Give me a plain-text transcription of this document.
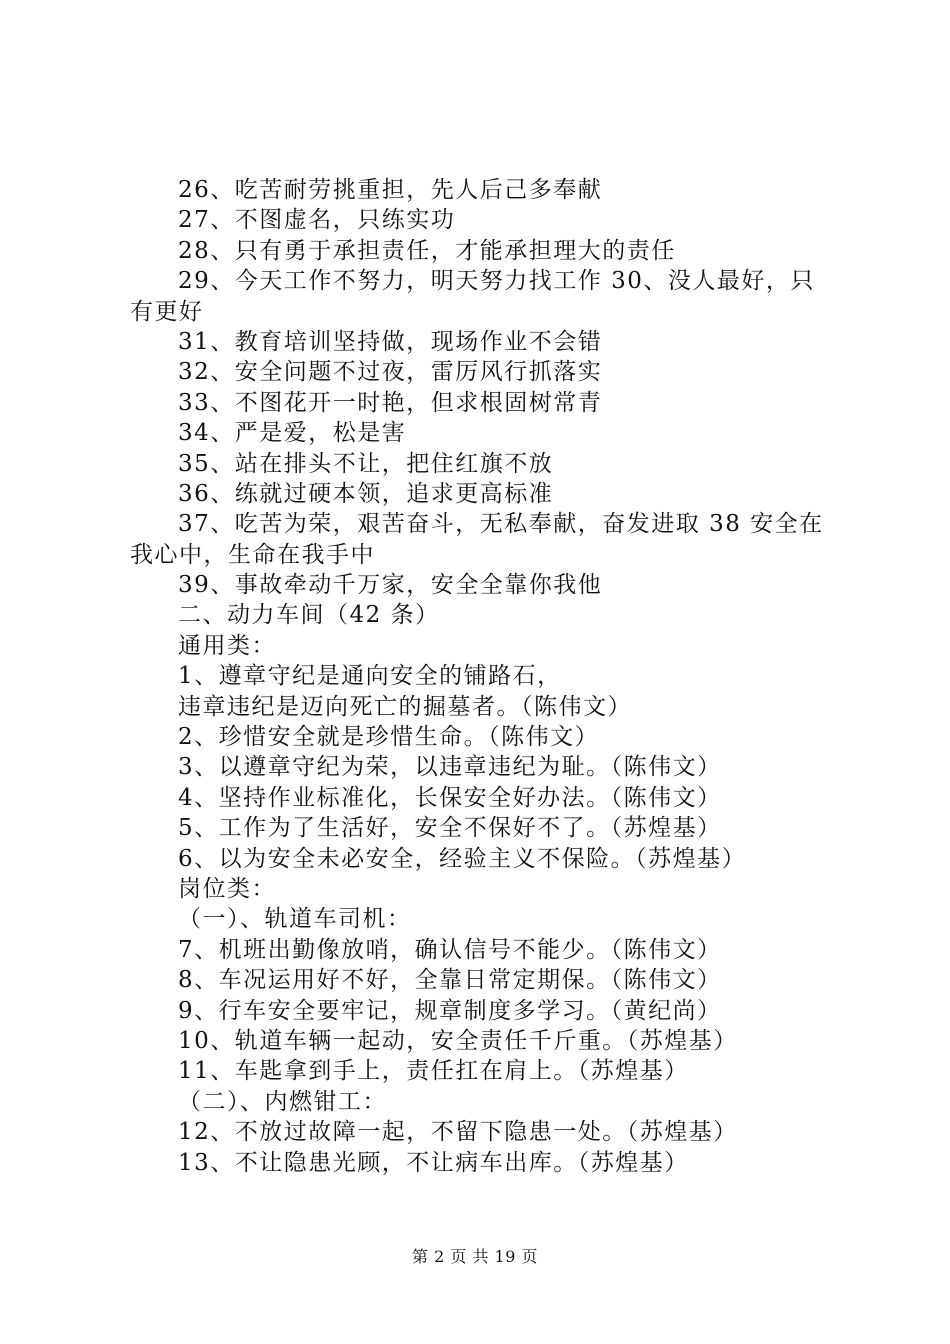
26、吃苦耐劳挑重担，先人后己多奉献
27、不图虚名，只练实功
28、只有勇于承担责任，才能承担理大的责任
29、今天工作不努力，明天努力找工作 30、没人最好，只
有更好
31、教育培训坚持做，现场作业不会错
32、安全问题不过夜，雷厉风行抓落实
33、不图花开一时艳，但求根固树常青
34、严是爱，松是害
35、站在排头不让，把住红旗不放
36、练就过硬本领，追求更高标准
37、吃苦为荣，艰苦奋斗，无私奉献，奋发进取 38 安全在
我心中，生命在我手中
39、事故牵动千万家，安全全靠你我他
二、动力车间（42 条）
通用类：
1、遵章守纪是通向安全的铺路石，
违章违纪是迈向死亡的掘墓者。（陈伟文）
2、珍惜安全就是珍惜生命。（陈伟文）
3、以遵章守纪为荣，以违章违纪为耻。（陈伟文）
4、坚持作业标准化，长保安全好办法。（陈伟文）
5、工作为了生活好，安全不保好不了。（苏煌基）
6、以为安全未必安全，经验主义不保险。（苏煌基）
岗位类：
（一）、轨道车司机：
7、机班出勤像放哨，确认信号不能少。（陈伟文）
8、车况运用好不好，全靠日常定期保。（陈伟文）
9、行车安全要牢记，规章制度多学习。（黄纪尚）
10、轨道车辆一起动，安全责任千斤重。（苏煌基）
11、车匙拿到手上，责任扛在肩上。（苏煌基）
（二）、内燃钳工：
12、不放过故障一起，不留下隐患一处。（苏煌基）
13、不让隐患光顾，不让病车出库。（苏煌基）
第 2 页 共 19 页
